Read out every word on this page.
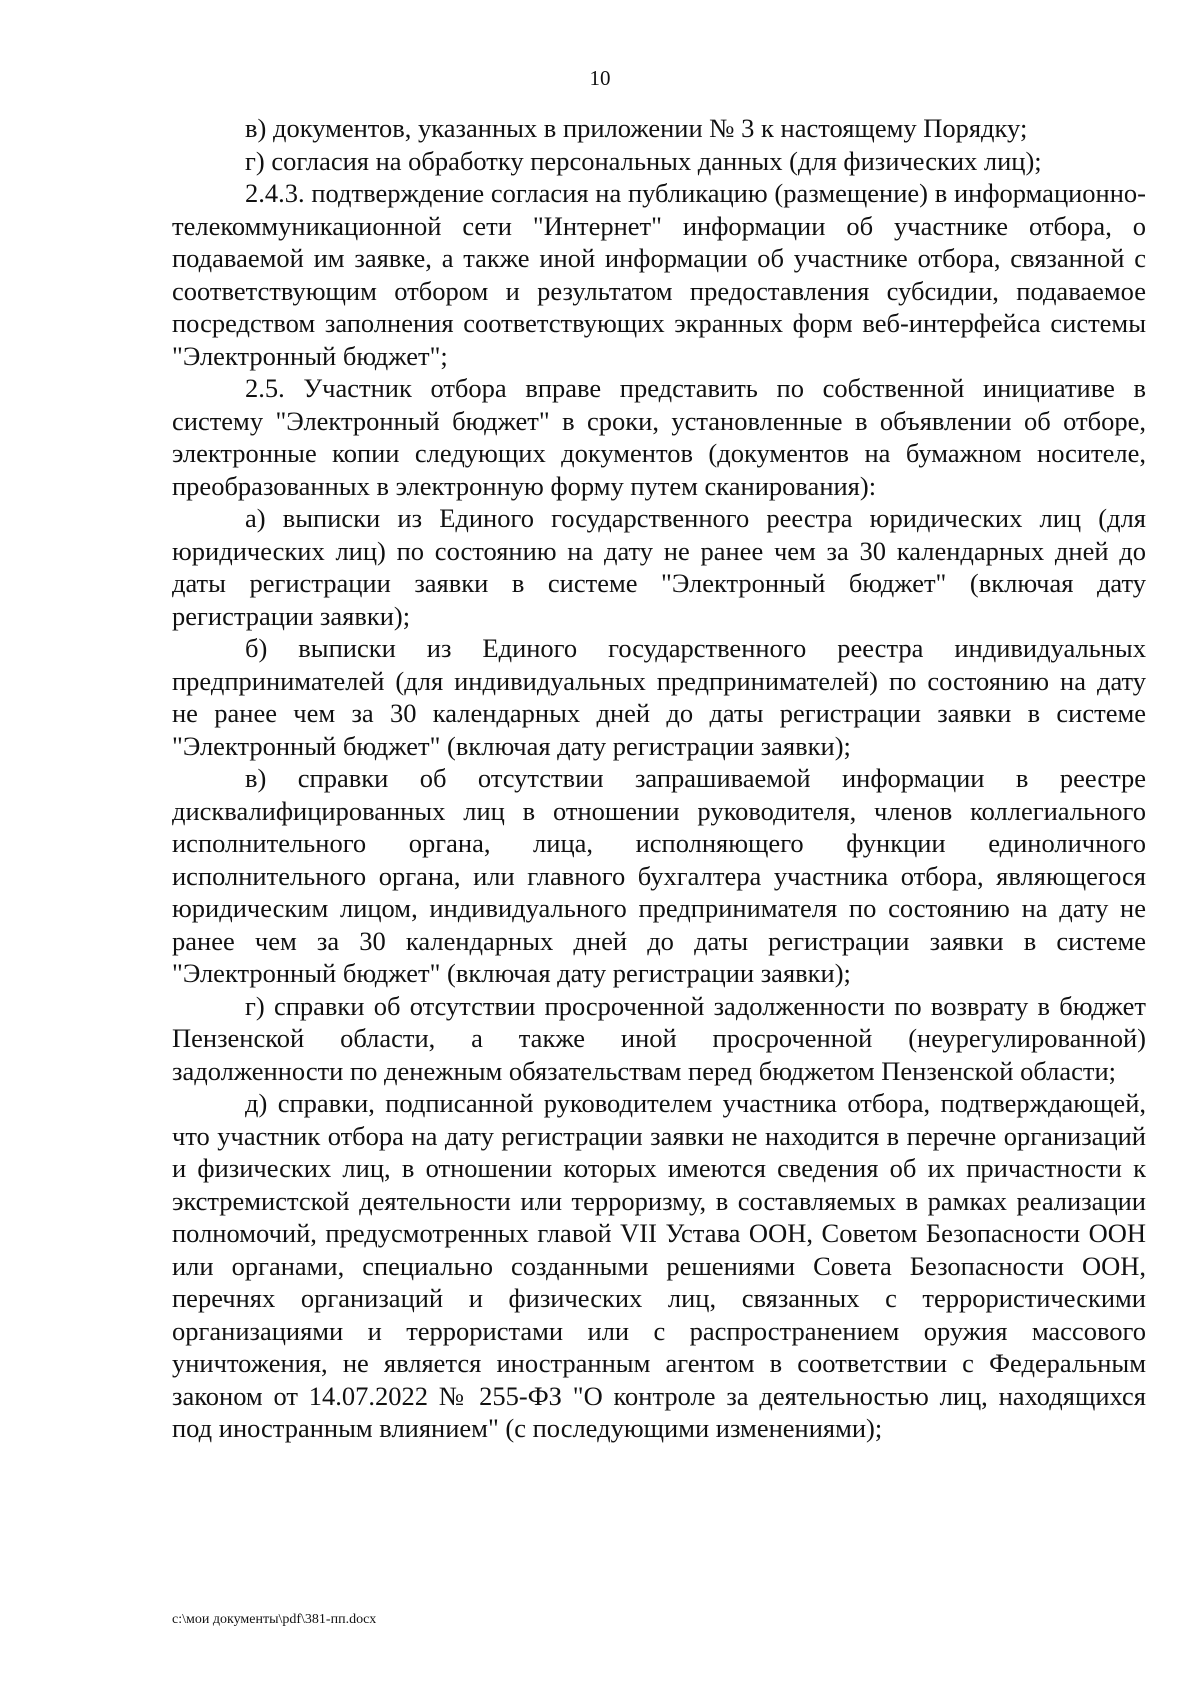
10

в) документов, указанных в приложении № 3 к настоящему Порядку;

г) согласия на обработку персональных данных (для физических лиц);

2.4.3. подтверждение согласия на публикацию (размещение) в информационно-телекоммуникационной сети "Интернет" информации об участнике отбора, о подаваемой им заявке, а также иной информации об участнике отбора, связанной с соответствующим отбором и результатом предоставления субсидии, подаваемое посредством заполнения соответствующих экранных форм веб-интерфейса системы "Электронный бюджет";

2.5. Участник отбора вправе представить по собственной инициативе в систему "Электронный бюджет" в сроки, установленные в объявлении об отборе, электронные копии следующих документов (документов на бумажном носителе, преобразованных в электронную форму путем сканирования):

а) выписки из Единого государственного реестра юридических лиц (для юридических лиц) по состоянию на дату не ранее чем за 30 календарных дней до даты регистрации заявки в системе "Электронный бюджет" (включая дату регистрации заявки);

б) выписки из Единого государственного реестра индивидуальных предпринимателей (для индивидуальных предпринимателей) по состоянию на дату не ранее чем за 30 календарных дней до даты регистрации заявки в системе "Электронный бюджет" (включая дату регистрации заявки);

в) справки об отсутствии запрашиваемой информации в реестре дисквалифицированных лиц в отношении руководителя, членов коллегиального исполнительного органа, лица, исполняющего функции единоличного исполнительного органа, или главного бухгалтера участника отбора, являющегося юридическим лицом, индивидуального предпринимателя по состоянию на дату не ранее чем за 30 календарных дней до даты регистрации заявки в системе "Электронный бюджет" (включая дату регистрации заявки);

г) справки об отсутствии просроченной задолженности по возврату в бюджет Пензенской области, а также иной просроченной (неурегулированной) задолженности по денежным обязательствам перед бюджетом Пензенской области;

д) справки, подписанной руководителем участника отбора, подтверждающей, что участник отбора на дату регистрации заявки не находится в перечне организаций и физических лиц, в отношении которых имеются сведения об их причастности к экстремистской деятельности или терроризму, в составляемых в рамках реализации полномочий, предусмотренных главой VII Устава ООН, Советом Безопасности ООН или органами, специально созданными решениями Совета Безопасности ООН, перечнях организаций и физических лиц, связанных с террористическими организациями и террористами или с распространением оружия массового уничтожения, не является иностранным агентом в соответствии с Федеральным законом от 14.07.2022 № 255-ФЗ "О контроле за деятельностью лиц, находящихся под иностранным влиянием" (с последующими изменениями);

c:\мои документы\pdf\381-пп.docx
